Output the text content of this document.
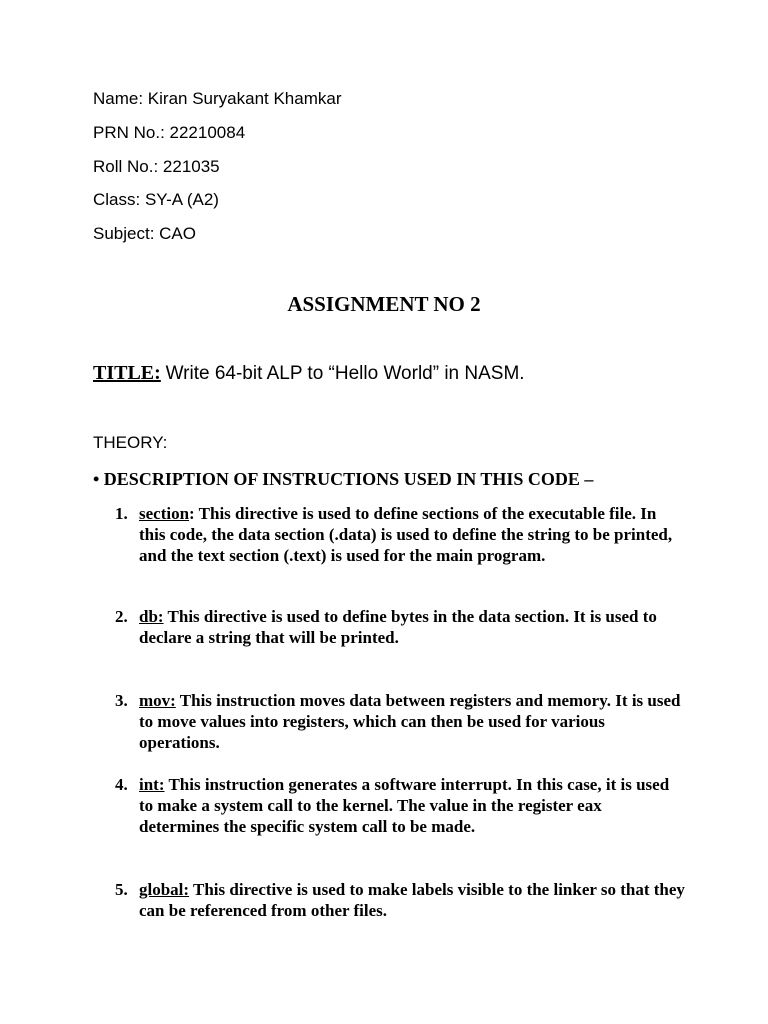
Name: Kiran Suryakant Khamkar
PRN No.: 22210084
Roll No.: 221035
Class: SY-A (A2)
Subject: CAO
ASSIGNMENT NO 2
TITLE: Write 64-bit ALP to “Hello World” in NASM.
THEORY:
• DESCRIPTION OF INSTRUCTIONS USED IN THIS CODE –
1. section: This directive is used to define sections of the executable file. In this code, the data section (.data) is used to define the string to be printed, and the text section (.text) is used for the main program.
2. db: This directive is used to define bytes in the data section. It is used to declare a string that will be printed.
3. mov: This instruction moves data between registers and memory. It is used to move values into registers, which can then be used for various operations.
4. int: This instruction generates a software interrupt. In this case, it is used to make a system call to the kernel. The value in the register eax determines the specific system call to be made.
5. global: This directive is used to make labels visible to the linker so that they can be referenced from other files.
